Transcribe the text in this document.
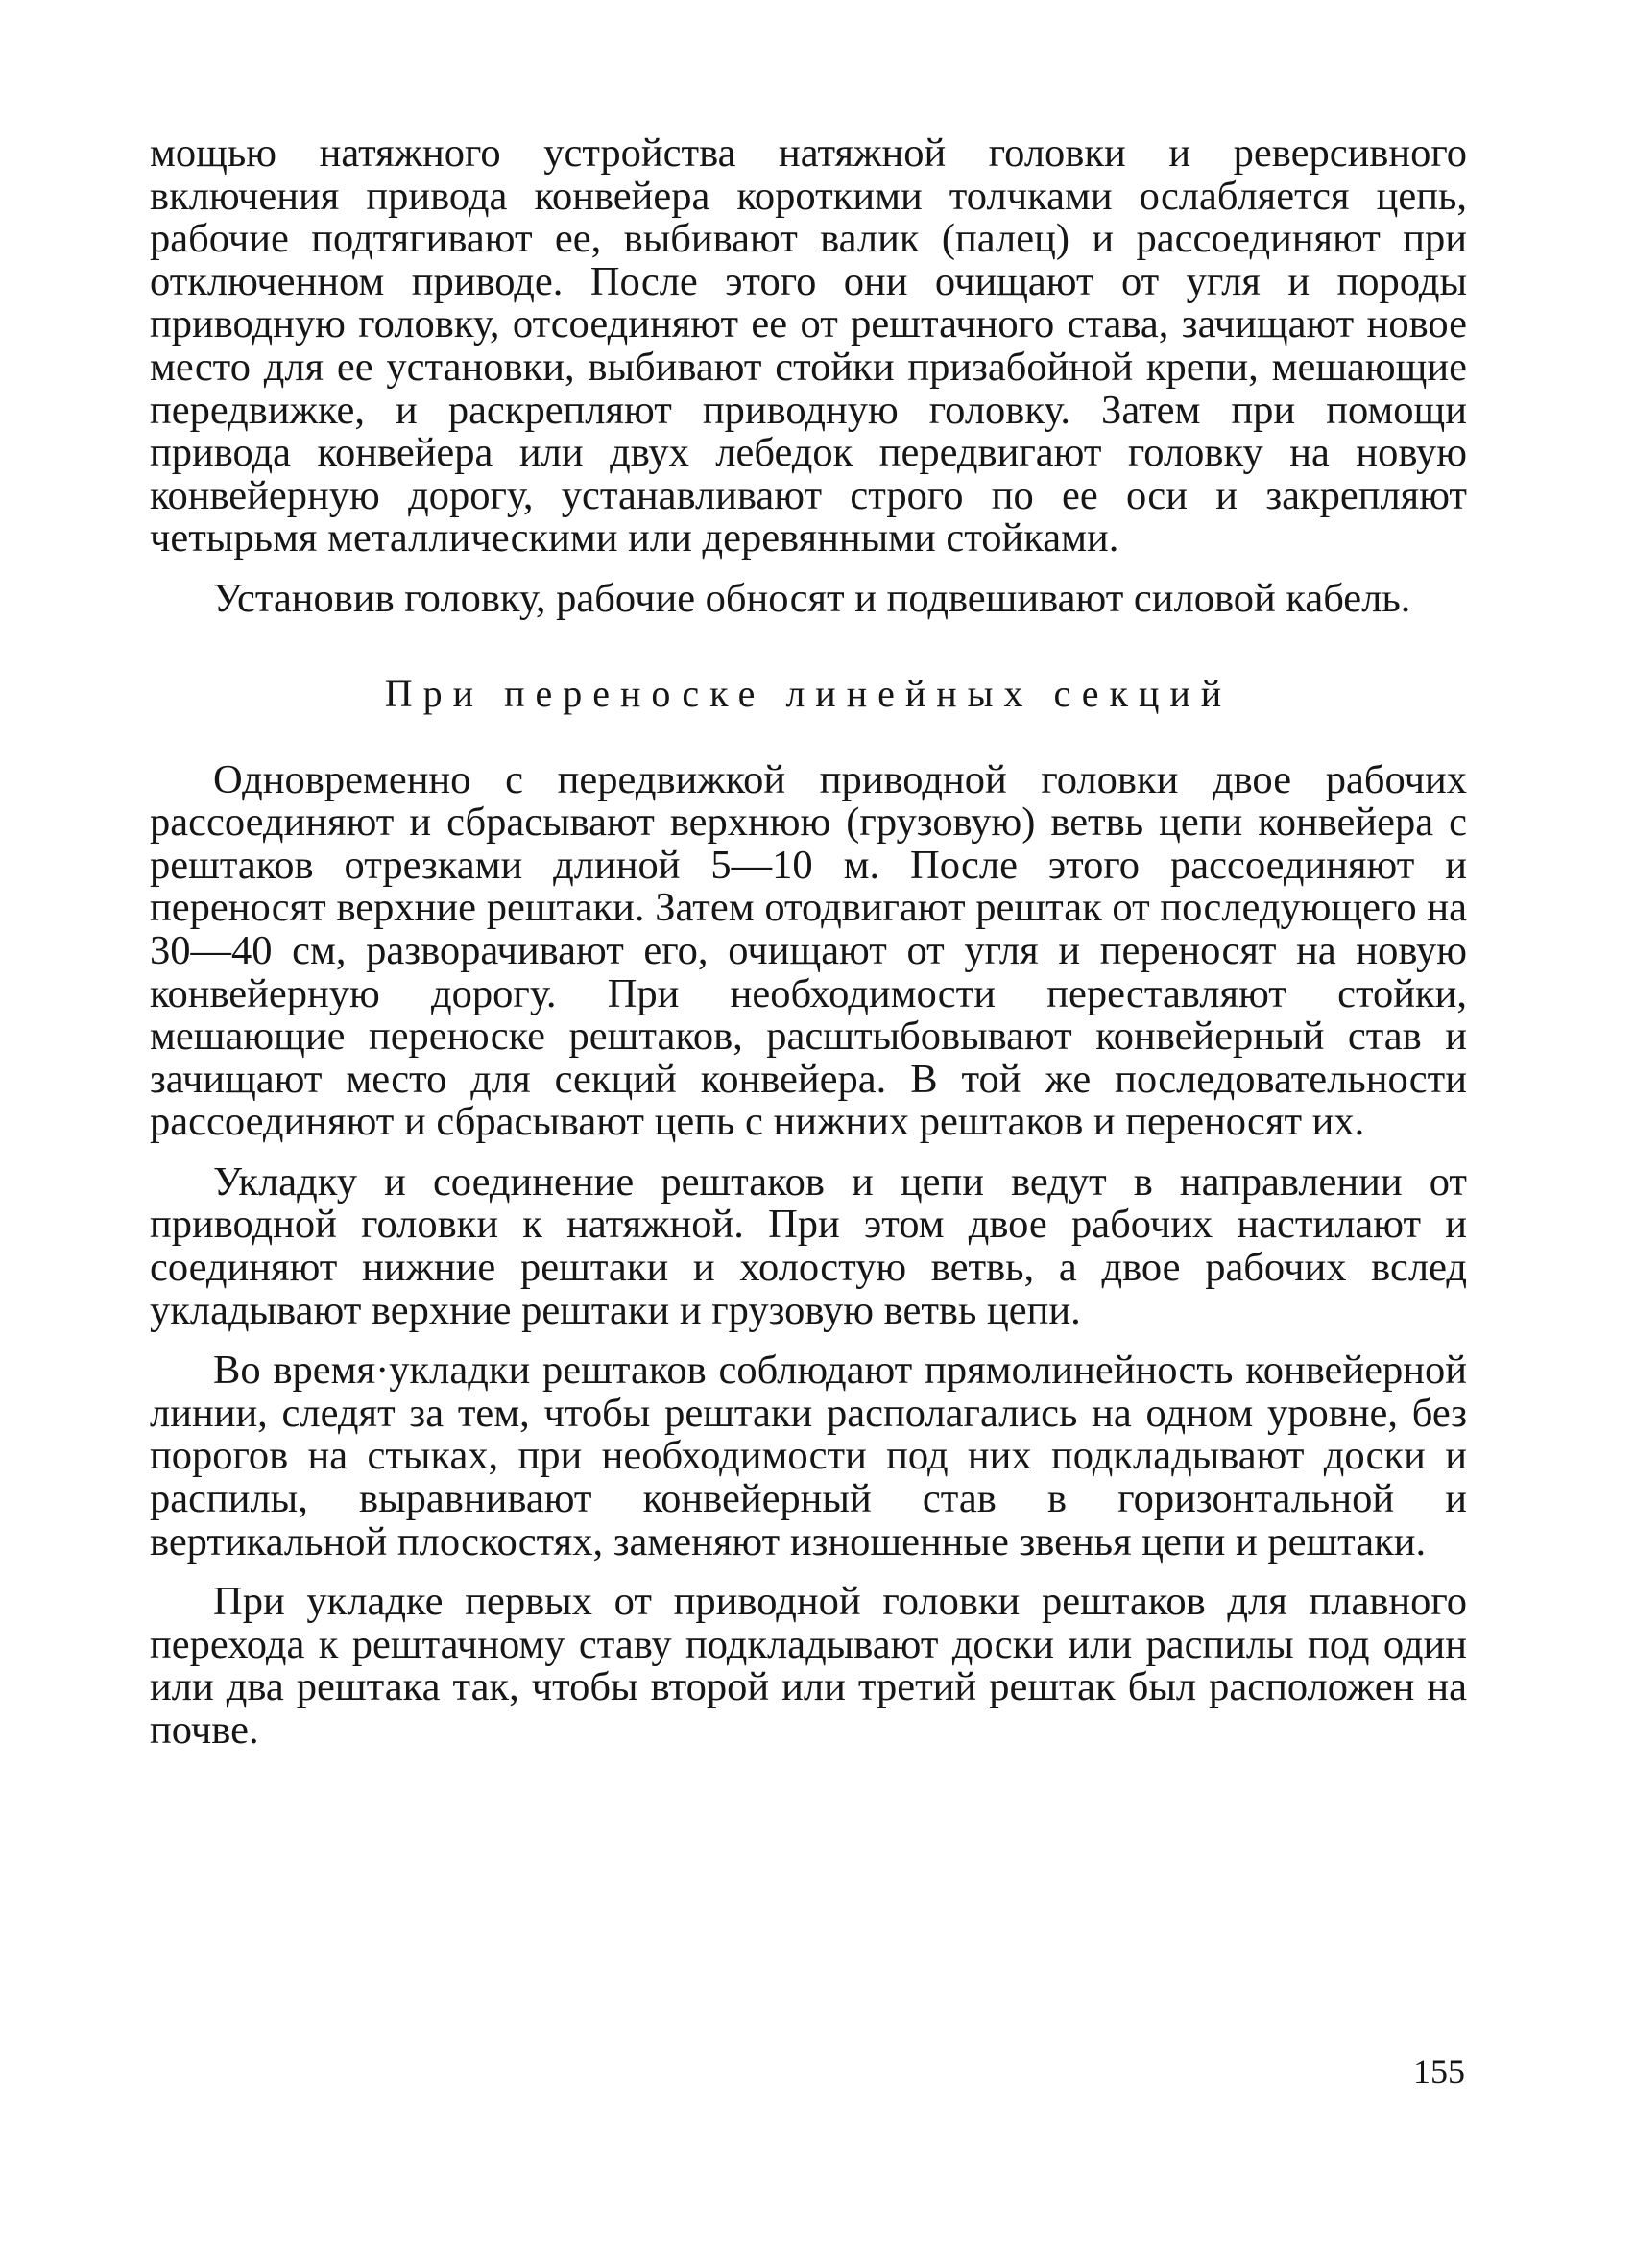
мощью натяжного устройства натяжной головки и реверсивного включения привода конвейера короткими толчками ослабляется цепь, рабочие подтягивают ее, выбивают валик (палец) и рассоединяют при отключенном приводе. После этого они очищают от угля и породы приводную головку, отсоединяют ее от рештачного става, зачищают новое место для ее установки, выбивают стойки призабойной крепи, мешающие передвижке, и раскрепляют приводную головку. Затем при помощи привода конвейера или двух лебедок передвигают головку на новую конвейерную дорогу, устанавливают строго по ее оси и закрепляют четырьмя металлическими или деревянными стойками.

Установив головку, рабочие обносят и подвешивают силовой кабель.

При переноске линейных секций

Одновременно с передвижкой приводной головки двое рабочих рассоединяют и сбрасывают верхнюю (грузовую) ветвь цепи конвейера с рештаков отрезками длиной 5—10 м. После этого рассоединяют и переносят верхние рештаки. Затем отодвигают рештак от последующего на 30—40 см, разворачивают его, очищают от угля и переносят на новую конвейерную дорогу. При необходимости переставляют стойки, мешающие переноске рештаков, расштыбовывают конвейерный став и зачищают место для секций конвейера. В той же последовательности рассоединяют и сбрасывают цепь с нижних рештаков и переносят их.

Укладку и соединение рештаков и цепи ведут в направлении от приводной головки к натяжной. При этом двое рабочих настилают и соединяют нижние рештаки и холостую ветвь, а двое рабочих вслед укладывают верхние рештаки и грузовую ветвь цепи.

Во время·укладки рештаков соблюдают прямолинейность конвейерной линии, следят за тем, чтобы рештаки располагались на одном уровне, без порогов на стыках, при необходимости под них подкладывают доски и распилы, выравнивают конвейерный став в горизонтальной и вертикальной плоскостях, заменяют изношенные звенья цепи и рештаки.

При укладке первых от приводной головки рештаков для плавного перехода к рештачному ставу подкладывают доски или распилы под один или два рештака так, чтобы второй или третий рештак был расположен на почве.

155
